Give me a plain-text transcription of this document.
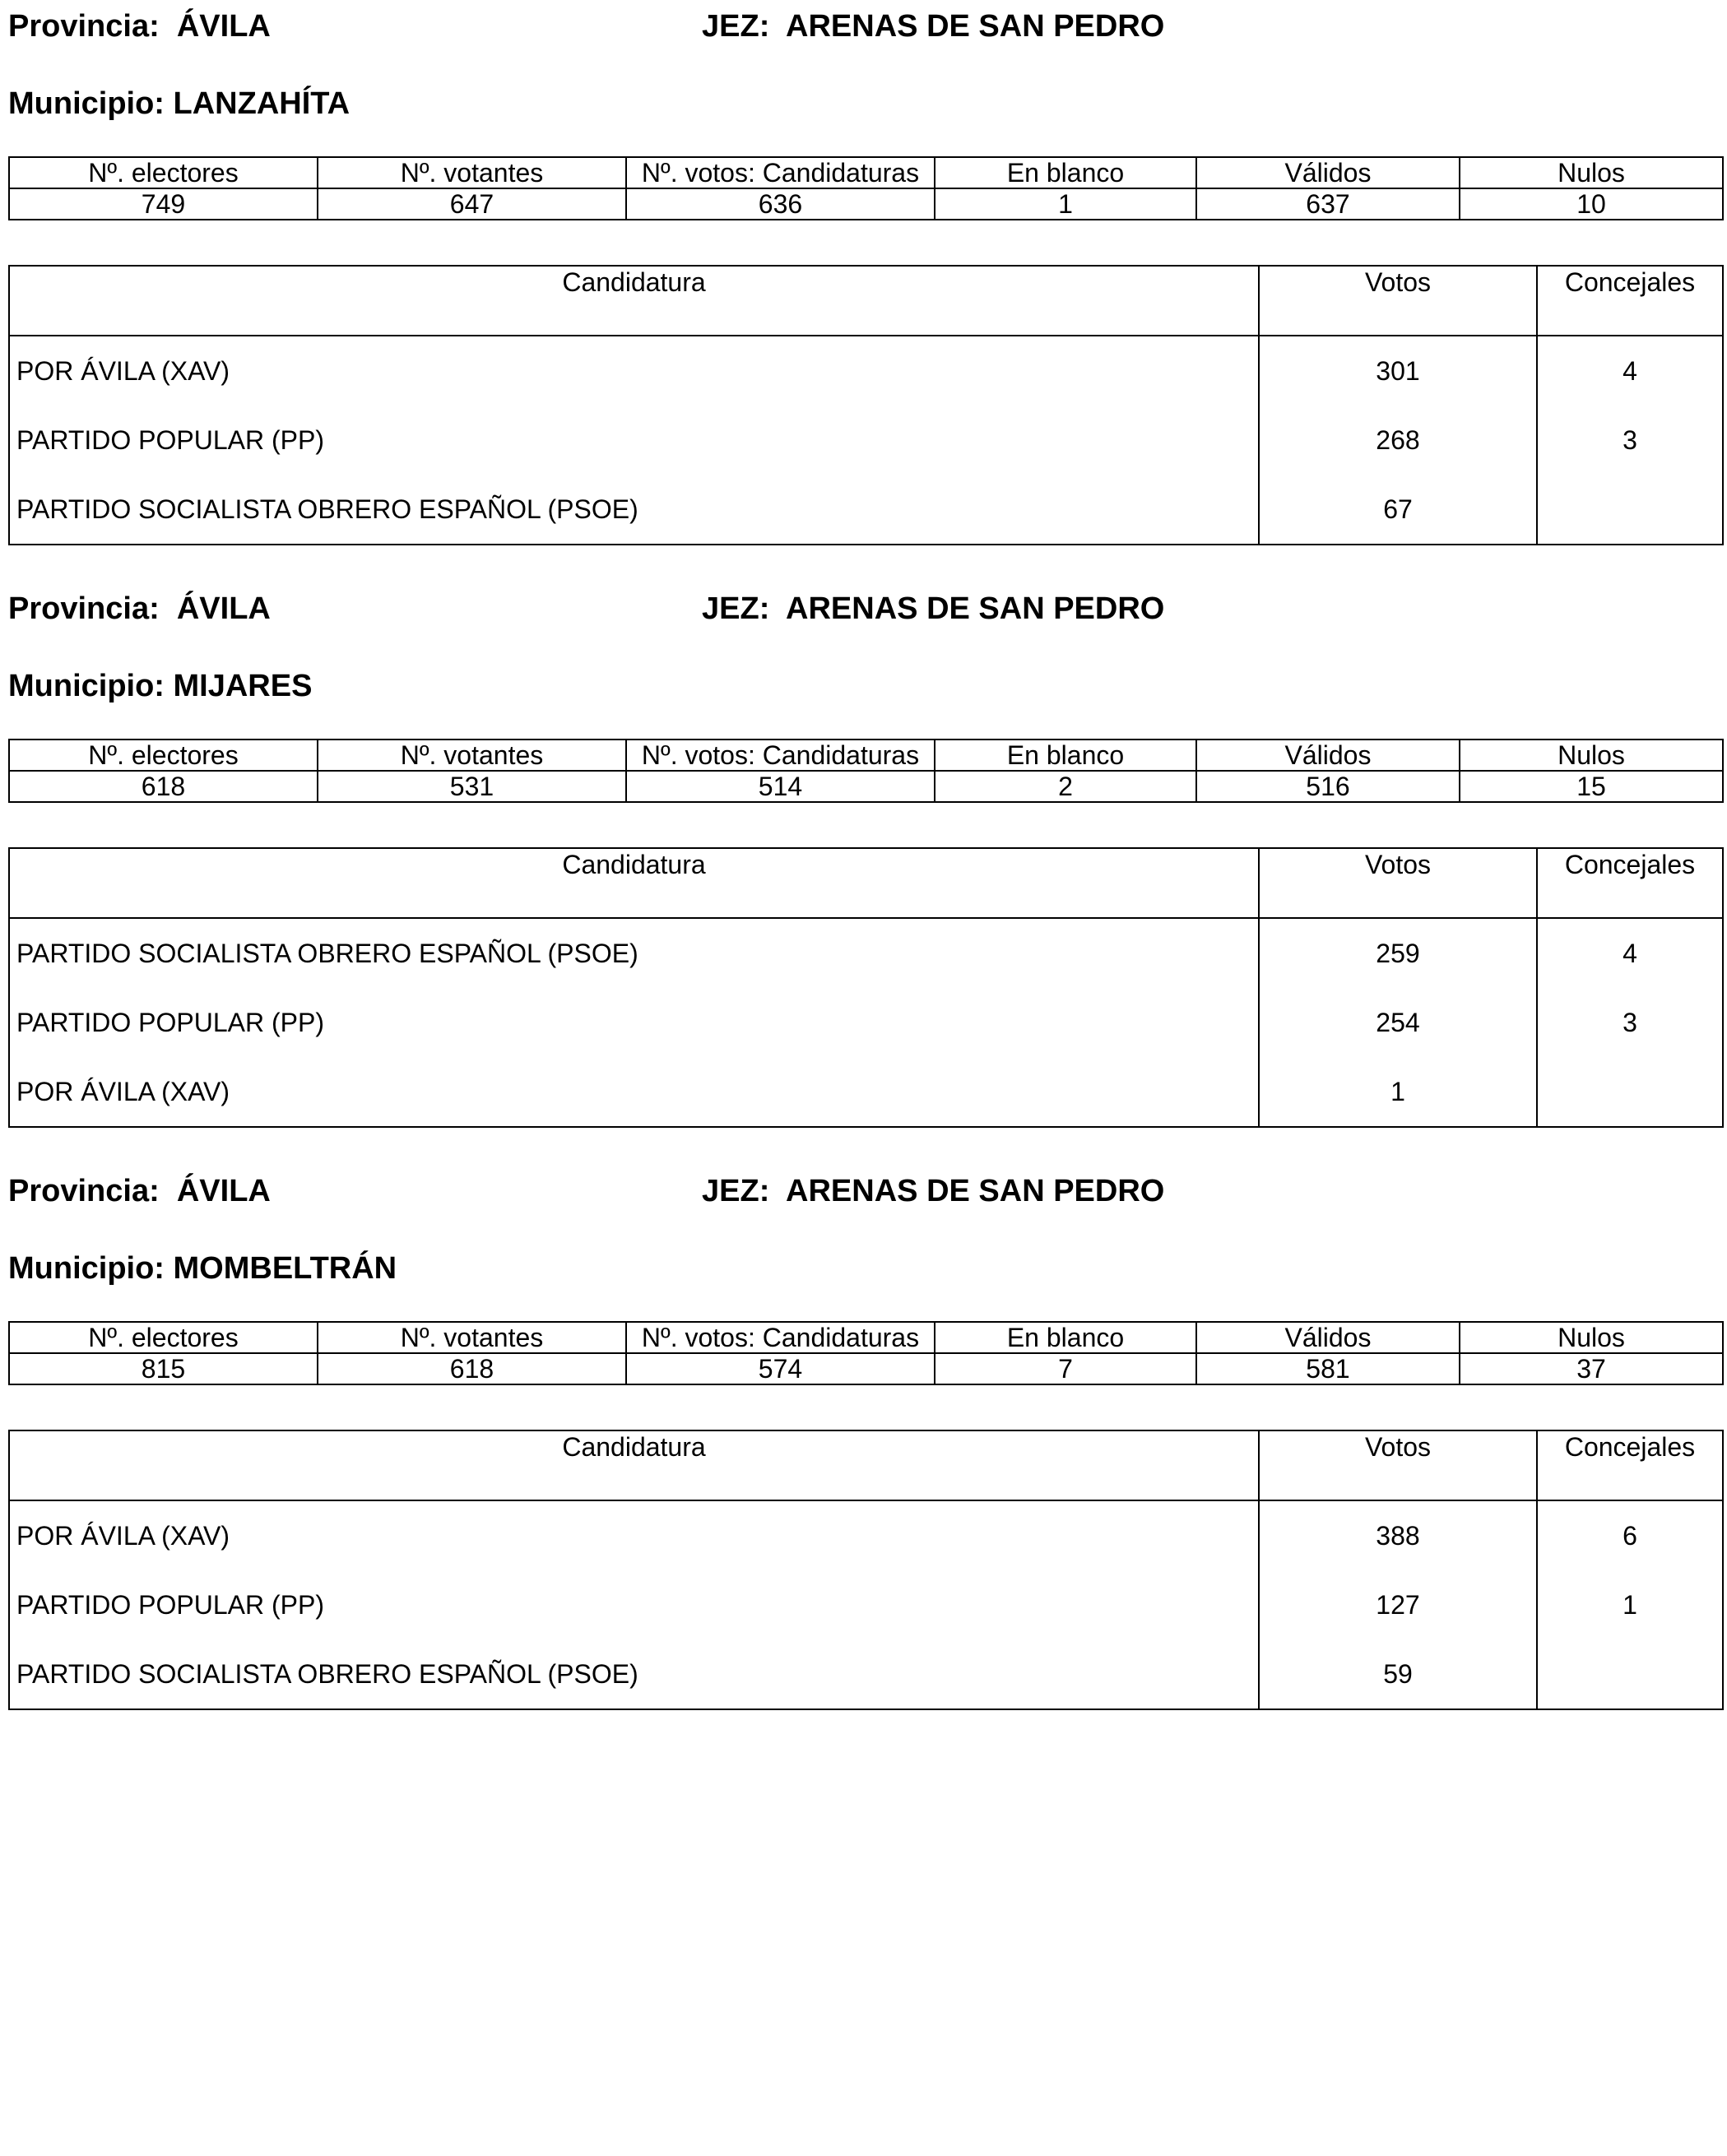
Provincia:  ÁVILA	JEZ:  ARENAS DE SAN PEDRO
Municipio: LANZAHÍTA
Nº. electores	Nº. votantes	Nº. votos: Candidaturas	En blanco	Válidos	Nulos
749	647	636	1	637	10
Candidatura	Votos	Concejales
POR ÁVILA (XAV)	301	4
PARTIDO POPULAR (PP)	268	3
PARTIDO SOCIALISTA OBRERO ESPAÑOL (PSOE)	67	
Provincia:  ÁVILA	JEZ:  ARENAS DE SAN PEDRO
Municipio: MIJARES
Nº. electores	Nº. votantes	Nº. votos: Candidaturas	En blanco	Válidos	Nulos
618	531	514	2	516	15
Candidatura	Votos	Concejales
PARTIDO SOCIALISTA OBRERO ESPAÑOL (PSOE)	259	4
PARTIDO POPULAR (PP)	254	3
POR ÁVILA (XAV)	1	
Provincia:  ÁVILA	JEZ:  ARENAS DE SAN PEDRO
Municipio: MOMBELTRÁN
Nº. electores	Nº. votantes	Nº. votos: Candidaturas	En blanco	Válidos	Nulos
815	618	574	7	581	37
Candidatura	Votos	Concejales
POR ÁVILA (XAV)	388	6
PARTIDO POPULAR (PP)	127	1
PARTIDO SOCIALISTA OBRERO ESPAÑOL (PSOE)	59	
